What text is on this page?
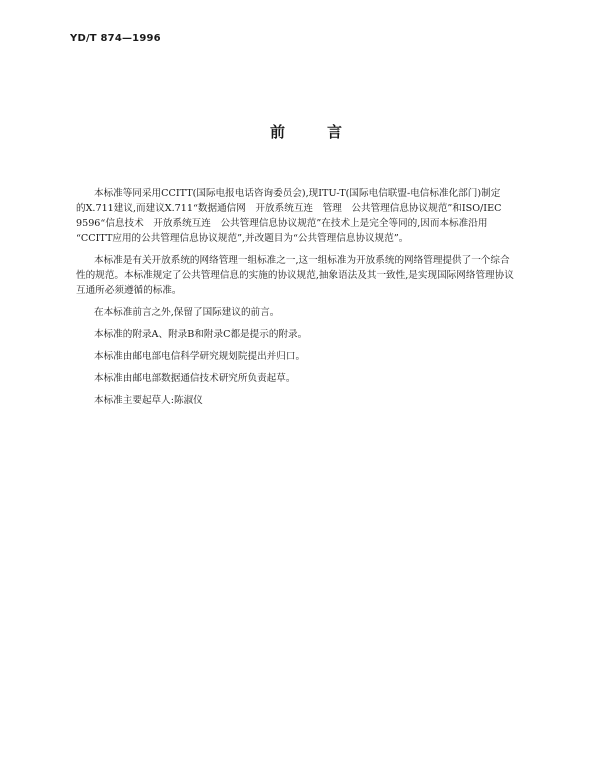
YD/T 874—1996
前言
本标准等同采用CCITT(国际电报电话咨询委员会),现ITU-T(国际电信联盟-电信标准化部门)制定
的X.711建议,而建议X.711“数据通信网　开放系统互连　管理　公共管理信息协议规范”和ISO/IEC
9596“信息技术　开放系统互连　公共管理信息协议规范”在技术上是完全等同的,因而本标准沿用
“CCITT应用的公共管理信息协议规范”,并改题目为“公共管理信息协议规范”。
本标准是有关开放系统的网络管理一组标准之一,这一组标准为开放系统的网络管理提供了一个综合
性的规范。本标准规定了公共管理信息的实施的协议规范,抽象语法及其一致性,是实现国际网络管理协议
互通所必须遵循的标准。
在本标准前言之外,保留了国际建议的前言。
本标准的附录A、附录B和附录C都是提示的附录。
本标准由邮电部电信科学研究规划院提出并归口。
本标准由邮电部数据通信技术研究所负责起草。
本标准主要起草人:陈淑仪
